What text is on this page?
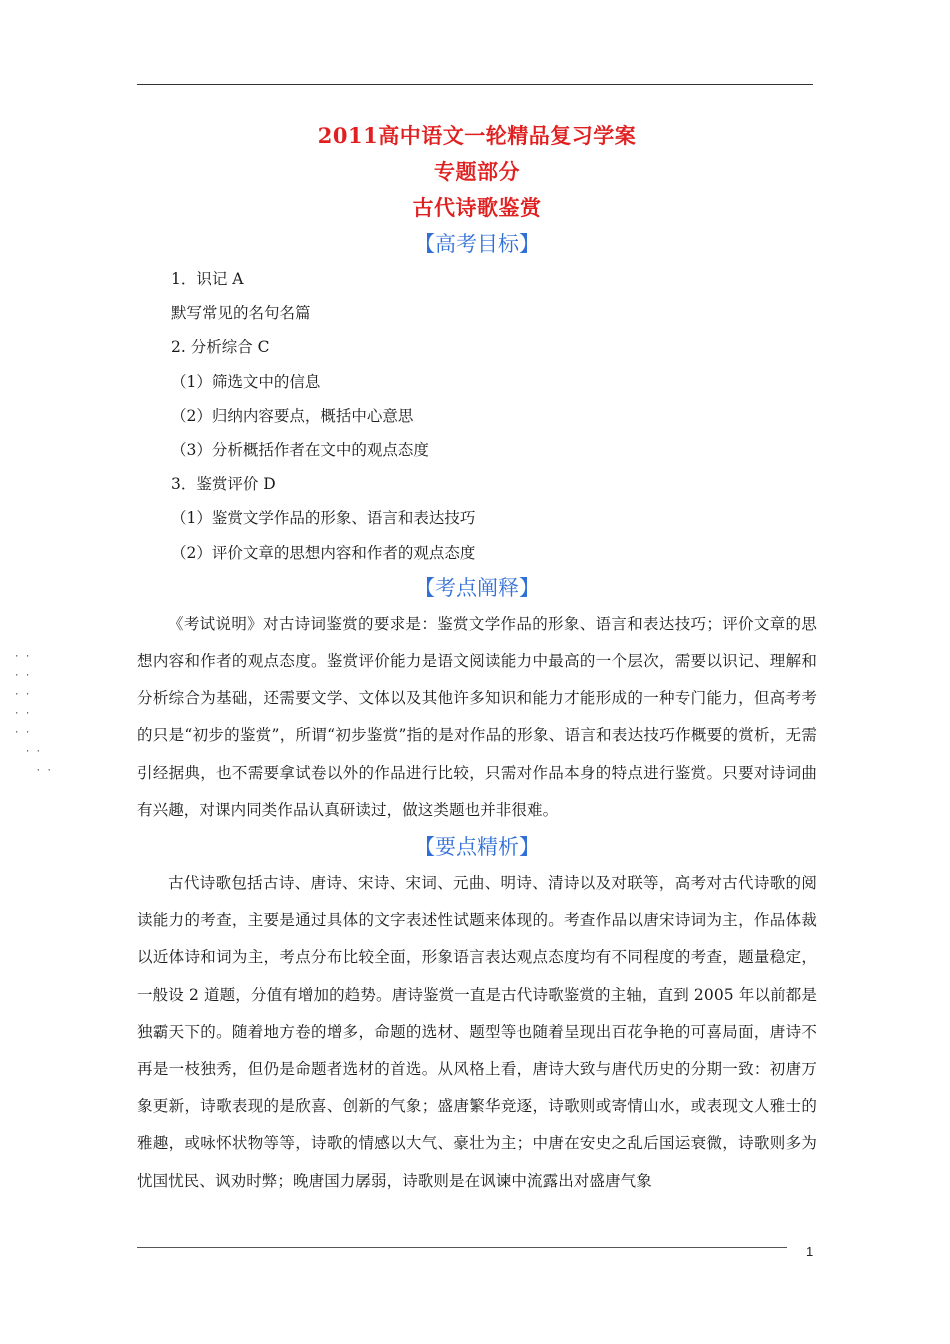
· ·
· ·
· ·
· ·
· ·
· ·
· ·
2011高中语文一轮精品复习学案
专题部分
古代诗歌鉴赏
【高考目标】
1．识记 A
默写常见的名句名篇
2. 分析综合 C
（1）筛选文中的信息
（2）归纳内容要点，概括中心意思
（3）分析概括作者在文中的观点态度
3．鉴赏评价 D
（1）鉴赏文学作品的形象、语言和表达技巧
（2）评价文章的思想内容和作者的观点态度
【考点阐释】
《考试说明》对古诗词鉴赏的要求是：鉴赏文学作品的形象、语言和表达技巧；评价文章的思想内容和作者的观点态度。鉴赏评价能力是语文阅读能力中最高的一个层次，需要以识记、理解和分析综合为基础，还需要文学、文体以及其他许多知识和能力才能形成的一种专门能力，但高考考的只是“初步的鉴赏”，所谓“初步鉴赏”指的是对作品的形象、语言和表达技巧作概要的赏析，无需引经据典，也不需要拿试卷以外的作品进行比较，只需对作品本身的特点进行鉴赏。只要对诗词曲有兴趣，对课内同类作品认真研读过，做这类题也并非很难。
【要点精析】
古代诗歌包括古诗、唐诗、宋诗、宋词、元曲、明诗、清诗以及对联等，高考对古代诗歌的阅读能力的考查，主要是通过具体的文字表述性试题来体现的。考查作品以唐宋诗词为主，作品体裁以近体诗和词为主，考点分布比较全面，形象语言表达观点态度均有不同程度的考查，题量稳定，一般设 2 道题，分值有增加的趋势。唐诗鉴赏一直是古代诗歌鉴赏的主轴，直到 2005 年以前都是独霸天下的。随着地方卷的增多，命题的选材、题型等也随着呈现出百花争艳的可喜局面，唐诗不再是一枝独秀，但仍是命题者选材的首选。从风格上看，唐诗大致与唐代历史的分期一致：初唐万象更新，诗歌表现的是欣喜、创新的气象；盛唐繁华竞逐，诗歌则或寄情山水，或表现文人雅士的雅趣，或咏怀状物等等，诗歌的情感以大气、豪壮为主；中唐在安史之乱后国运衰微，诗歌则多为忧国忧民、讽劝时弊；晚唐国力孱弱，诗歌则是在讽谏中流露出对盛唐气象
1
